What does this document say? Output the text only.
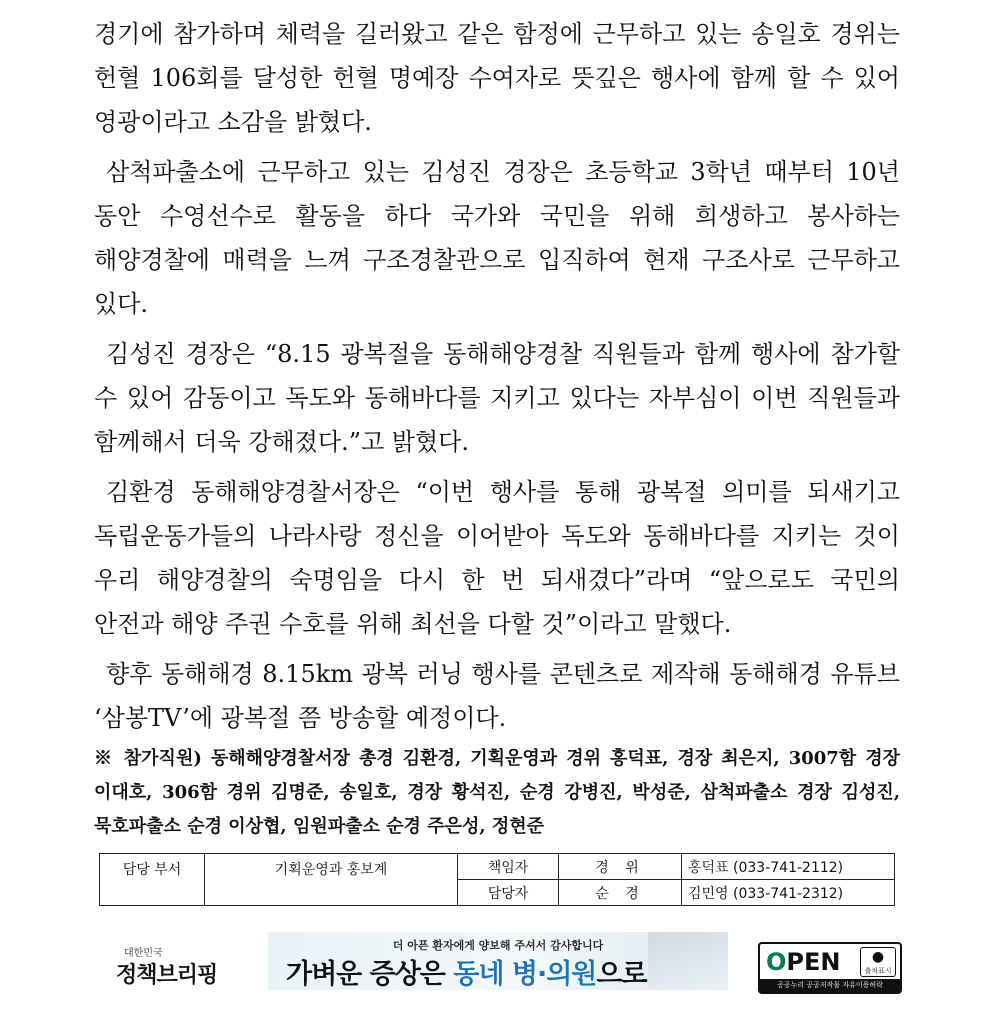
경기에 참가하며 체력을 길러왔고 같은 함정에 근무하고 있는 송일호 경위는 헌혈 106회를 달성한 헌혈 명예장 수여자로 뜻깊은 행사에 함께 할 수 있어 영광이라고 소감을 밝혔다.

삼척파출소에 근무하고 있는 김성진 경장은 초등학교 3학년 때부터 10년 동안 수영선수로 활동을 하다 국가와 국민을 위해 희생하고 봉사하는 해양경찰에 매력을 느껴 구조경찰관으로 입직하여 현재 구조사로 근무하고 있다.

김성진 경장은 “8.15 광복절을 동해해양경찰 직원들과 함께 행사에 참가할 수 있어 감동이고 독도와 동해바다를 지키고 있다는 자부심이 이번 직원들과 함께해서 더욱 강해졌다.”고 밝혔다.

김환경 동해해양경찰서장은 “이번 행사를 통해 광복절 의미를 되새기고 독립운동가들의 나라사랑 정신을 이어받아 독도와 동해바다를 지키는 것이 우리 해양경찰의 숙명임을 다시 한 번 되새겼다”라며 “앞으로도 국민의 안전과 해양 주권 수호를 위해 최선을 다할 것”이라고 말했다.

향후 동해해경 8.15km 광복 러닝 행사를 콘텐츠로 제작해 동해해경 유튜브 ‘삼봉TV’에 광복절 쯤 방송할 예정이다.

※ 참가직원) 동해해양경찰서장 총경 김환경, 기획운영과 경위 홍덕표, 경장 최은지, 3007함 경장 이대호, 306함 경위 김명준, 송일호, 경장 황석진, 순경 강병진, 박성준, 삼척파출소 경장 김성진, 묵호파출소 순경 이상협, 임원파출소 순경 주은성, 정현준
담당 부서	기획운영과 홍보계	책임자	경 위	홍덕표 (033-741-2112)
		담당자	순 경	김민영 (033-741-2312)
대한민국
정책브리핑
더 아픈 환자에게 양보해 주셔서 감사합니다
가벼운 증상은 동네 병·의원으로	OPEN	●
출처표시
공공누리 공공저작물 자유이용허락
